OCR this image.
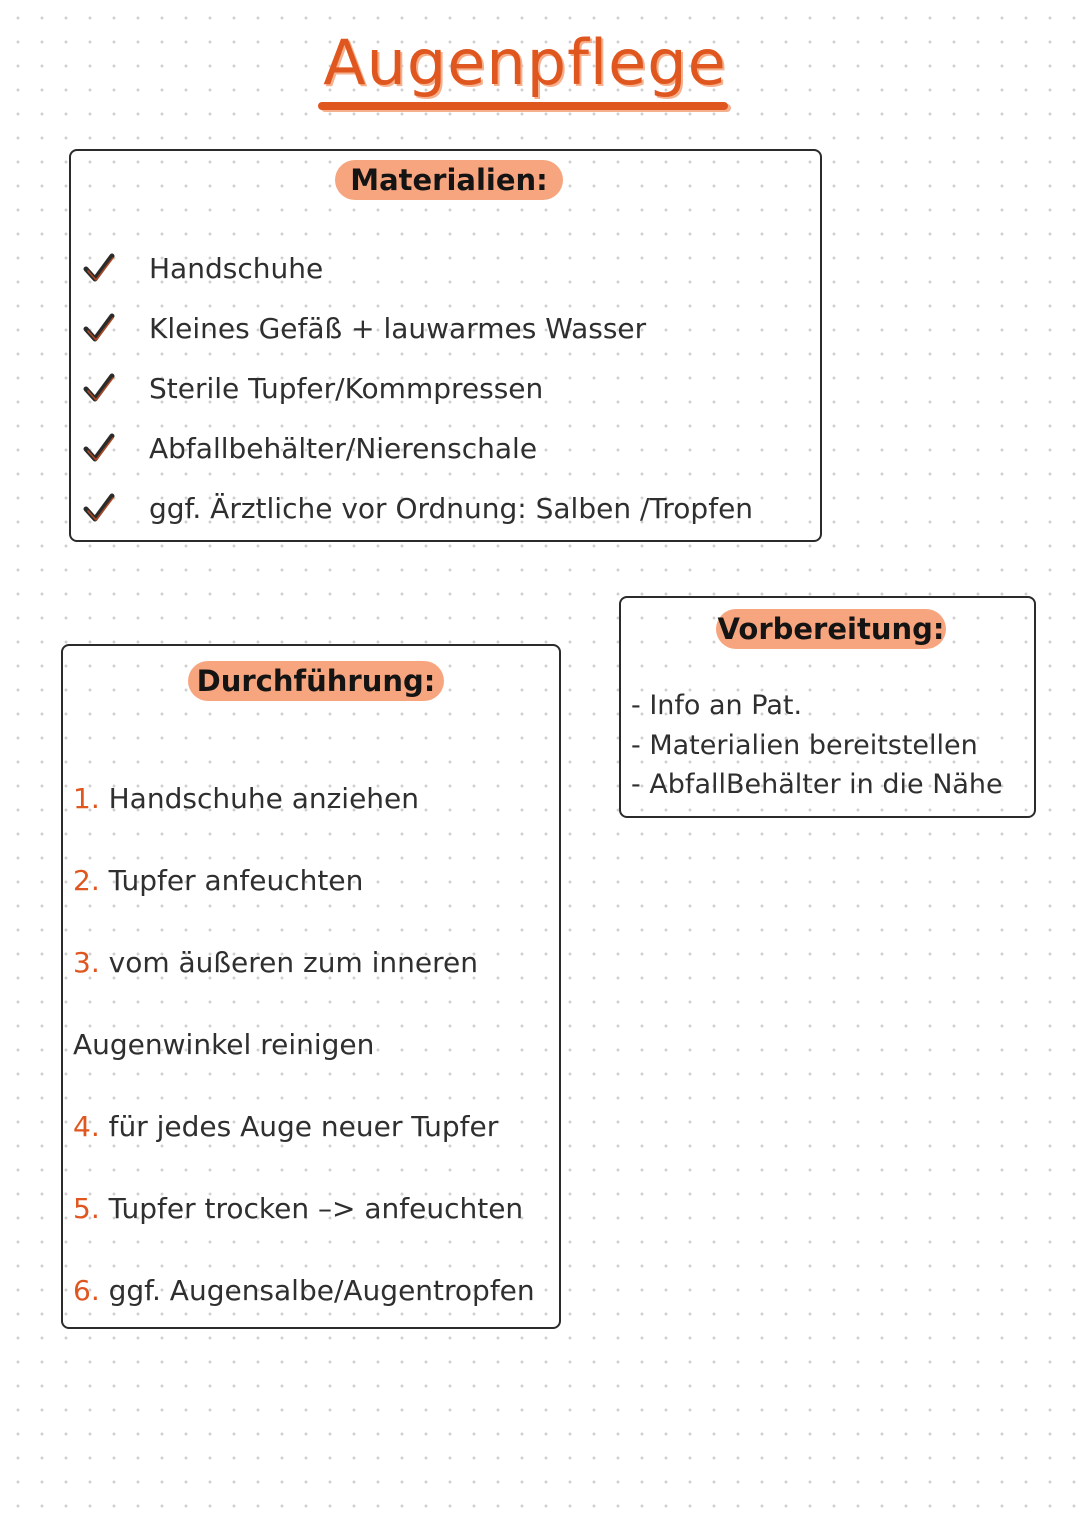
Augenpflege
Materialien:
Handschuhe
Kleines Gefäß + lauwarmes Wasser
Sterile Tupfer/Kommpressen
Abfallbehälter/Nierenschale
ggf. Ärztliche vor Ordnung: Salben /Tropfen
Vorbereitung:
- Info an Pat.
- Materialien bereitstellen
- AbfallBehälter in die Nähe
Durchführung:
1. Handschuhe anziehen
2. Tupfer anfeuchten
3. vom äußeren zum inneren
Augenwinkel reinigen
4. für jedes Auge neuer Tupfer
5. Tupfer trocken –> anfeuchten
6. ggf. Augensalbe/Augentropfen
